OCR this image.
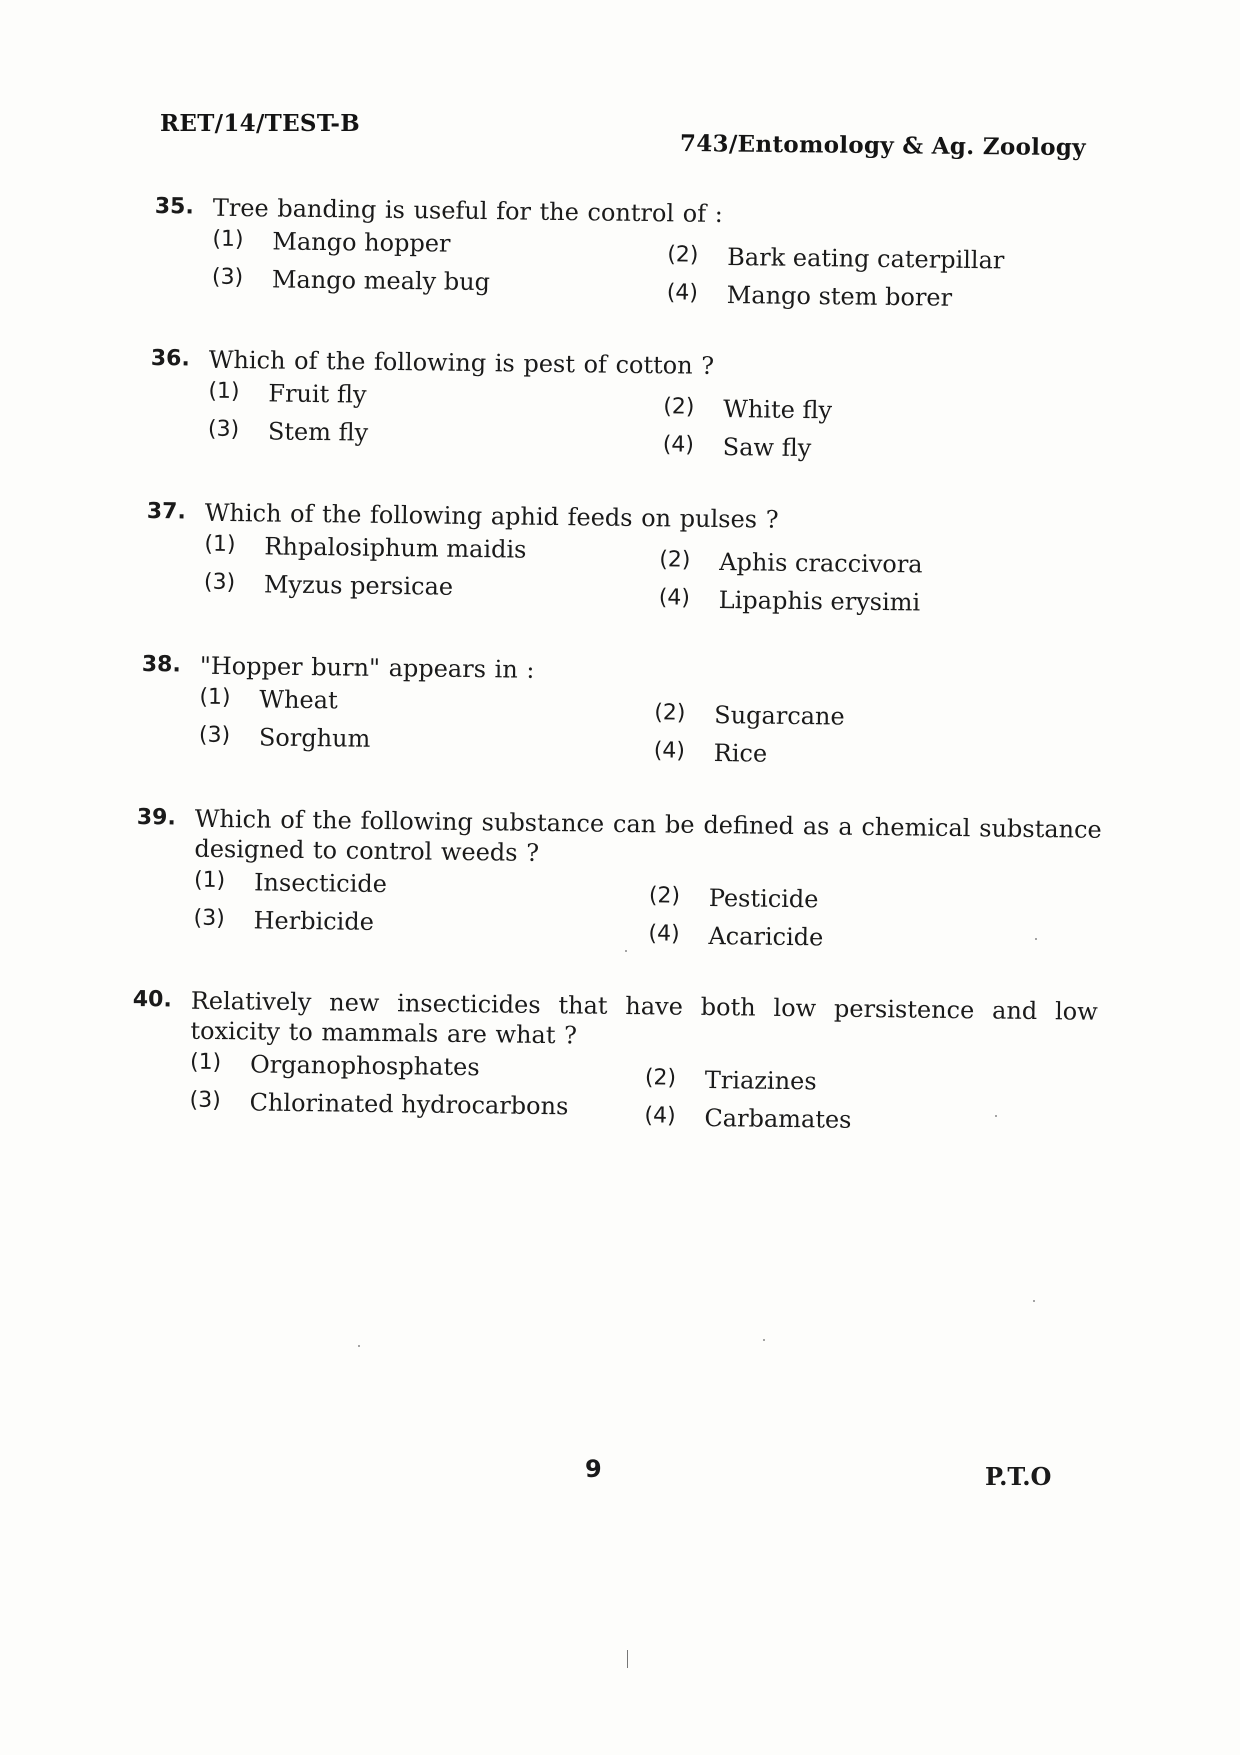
RET/14/TEST-B
743/Entomology & Ag. Zoology
35. Tree banding is useful for the control of :
(1)	Mango hopper	(2)	Bark eating caterpillar
(3)	Mango mealy bug	(4)	Mango stem borer
36. Which of the following is pest of cotton ?
(1)	Fruit fly	(2)	White fly
(3)	Stem fly	(4)	Saw fly
37. Which of the following aphid feeds on pulses ?
(1)	Rhpalosiphum maidis	(2)	Aphis craccivora
(3)	Myzus persicae	(4)	Lipaphis erysimi
38. "Hopper burn" appears in :
(1)	Wheat	(2)	Sugarcane
(3)	Sorghum	(4)	Rice
39. Which of the following substance can be defined as a chemical substance designed to control weeds ?
(1)	Insecticide	(2)	Pesticide
(3)	Herbicide	(4)	Acaricide
40. Relatively new insecticides that have both low persistence and low toxicity to mammals are what ?
(1)	Organophosphates	(2)	Triazines
(3)	Chlorinated hydrocarbons	(4)	Carbamates
9	P.T.O
